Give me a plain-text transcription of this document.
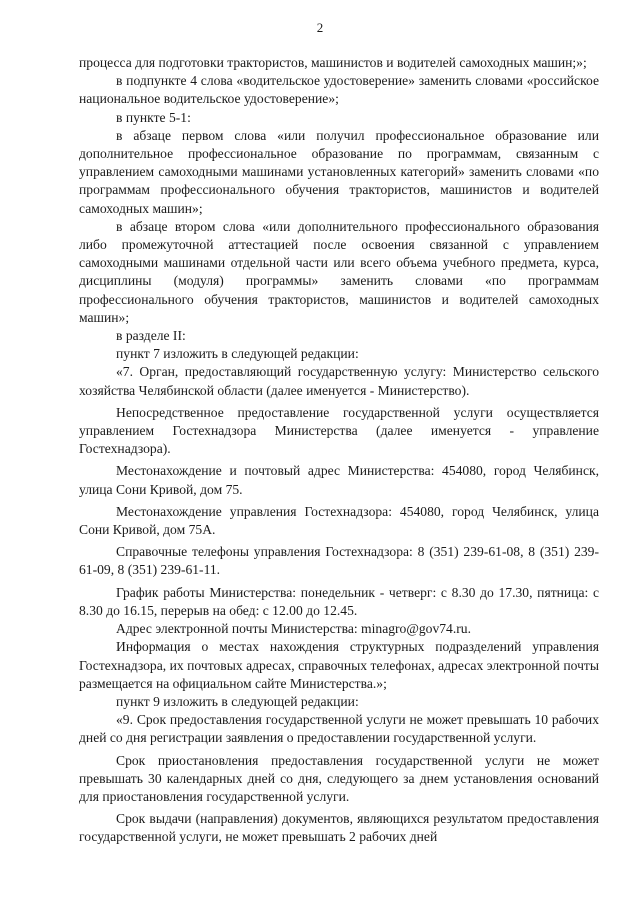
2

процесса для подготовки трактористов, машинистов и водителей самоходных машин;»;

в подпункте 4 слова «водительское удостоверение» заменить словами «российское национальное водительское удостоверение»;

в пункте 5-1:

в абзаце первом слова «или получил профессиональное образование или дополнительное профессиональное образование по программам, связанным с управлением самоходными машинами установленных категорий» заменить словами «по программам профессионального обучения трактористов, машинистов и водителей самоходных машин»;

в абзаце втором слова «или дополнительного профессионального образования либо промежуточной аттестацией после освоения связанной с управлением самоходными машинами отдельной части или всего объема учебного предмета, курса, дисциплины (модуля) программы» заменить словами «по программам профессионального обучения трактористов, машинистов и водителей самоходных машин»;

в разделе II:

пункт 7 изложить в следующей редакции:

«7. Орган, предоставляющий государственную услугу: Министерство сельского хозяйства Челябинской области (далее именуется - Министерство).

Непосредственное предоставление государственной услуги осуществляется управлением Гостехнадзора Министерства (далее именуется - управление Гостехнадзора).

Местонахождение и почтовый адрес Министерства: 454080, город Челябинск, улица Сони Кривой, дом 75.

Местонахождение управления Гостехнадзора: 454080, город Челябинск, улица Сони Кривой, дом 75А.

Справочные телефоны управления Гостехнадзора: 8 (351) 239-61-08, 8 (351) 239-61-09, 8 (351) 239-61-11.

График работы Министерства: понедельник - четверг: с 8.30 до 17.30, пятница: с 8.30 до 16.15, перерыв на обед: с 12.00 до 12.45.

Адрес электронной почты Министерства: minagro@gov74.ru.

Информация о местах нахождения структурных подразделений управления Гостехнадзора, их почтовых адресах, справочных телефонах, адресах электронной почты размещается на официальном сайте Министерства.»;

пункт 9 изложить в следующей редакции:

«9. Срок предоставления государственной услуги не может превышать 10 рабочих дней со дня регистрации заявления о предоставлении государственной услуги.

Срок приостановления предоставления государственной услуги не может превышать 30 календарных дней со дня, следующего за днем установления оснований для приостановления государственной услуги.

Срок выдачи (направления) документов, являющихся результатом предоставления государственной услуги, не может превышать 2 рабочих дней
